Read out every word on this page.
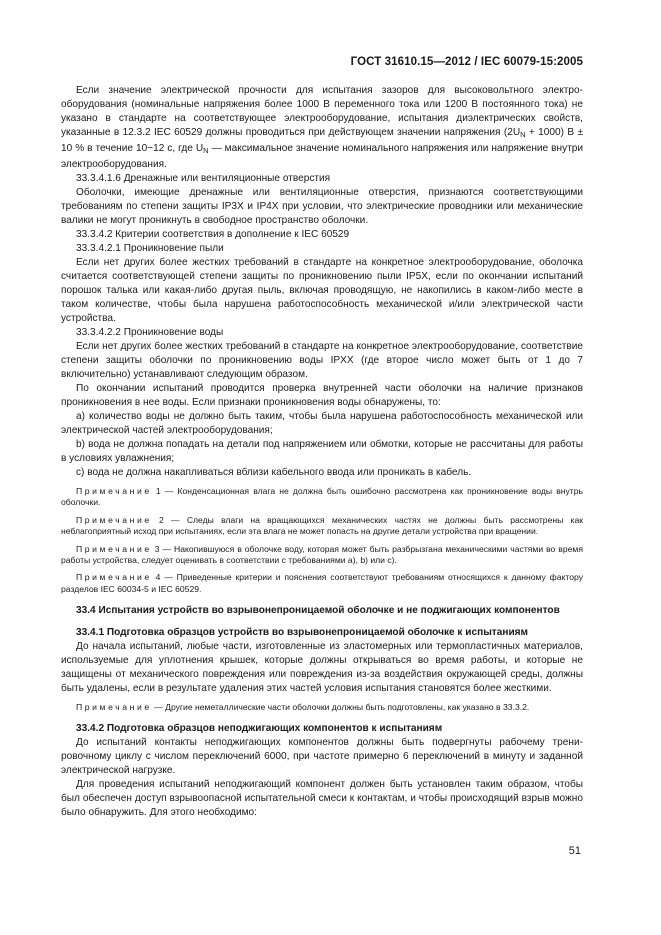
ГОСТ 31610.15—2012 / IEC 60079-15:2005

Если значение электрической прочности для испытания зазоров для высоковольтного электрооборудования (номинальные напряжения более 1000 В переменного тока или 1200 В постоянного тока) не указано в стандарте на соответствующее электрооборудование, испытания диэлектрических свойств, указанные в 12.3.2 IEC 60529 должны проводиться при действующем значении напряжения $(2U_N + 1000) В \pm 10$ % в течение 10−12 с, где $U_N$ — максимальное значение номинального напряжения или напряжение внутри электрооборудования.

33.3.4.1.6 Дренажные или вентиляционные отверстия

Оболочки, имеющие дренажные или вентиляционные отверстия, признаются соответствующими требованиям по степени защиты IP3X и IP4X при условии, что электрические проводники или механические валики не могут проникнуть в свободное пространство оболочки.

33.3.4.2 Критерии соответствия в дополнение к IEC 60529

33.3.4.2.1 Проникновение пыли

Если нет других более жестких требований в стандарте на конкретное электрооборудование, оболочка считается соответствующей степени защиты по проникновению пыли IP5X, если по окончании испытаний порошок талька или какая-либо другая пыль, включая проводящую, не накопились в каком-либо месте в таком количестве, чтобы была нарушена работоспособность механической и/или электрической части устройства.

33.3.4.2.2 Проникновение воды

Если нет других более жестких требований в стандарте на конкретное электрооборудование, соответствие степени защиты оболочки по проникновению воды IPXX (где второе число может быть от 1 до 7 включительно) устанавливают следующим образом.

По окончании испытаний проводится проверка внутренней части оболочки на наличие признаков проникновения в нее воды. Если признаки проникновения воды обнаружены, то:

a) количество воды не должно быть таким, чтобы была нарушена работоспособность механической или электрической частей электрооборудования;

b) вода не должна попадать на детали под напряжением или обмотки, которые не рассчитаны для работы в условиях увлажнения;

c) вода не должна накапливаться вблизи кабельного ввода или проникать в кабель.

Примечание 1 — Конденсационная влага не должна быть ошибочно рассмотрена как проникновение воды внутрь оболочки.

Примечание 2 — Следы влаги на вращающихся механических частях не должны быть рассмотрены как неблагоприятный исход при испытаниях, если эта влага не может попасть на другие детали устройства при вращении.

Примечание 3 — Накопившуюся в оболочке воду, которая может быть разбрызгана механическими частями во время работы устройства, следует оценивать в соответствии с требованиями a), b) или c).

Примечание 4 — Приведенные критерии и пояснения соответствуют требованиям относящихся к данному фактору разделов IEC 60034-5 и IEC 60529.

33.4 Испытания устройств во взрывонепроницаемой оболочке и не поджигающих компонентов

33.4.1 Подготовка образцов устройств во взрывонепроницаемой оболочке к испытаниям

До начала испытаний, любые части, изготовленные из эластомерных или термопластичных материалов, используемые для уплотнения крышек, которые должны открываться во время работы, и которые не защищены от механического повреждения или повреждения из-за воздействия окружающей среды, должны быть удалены, если в результате удаления этих частей условия испытания становятся более жесткими.

Примечание — Другие неметаллические части оболочки должны быть подготовлены, как указано в 33.3.2.

33.4.2 Подготовка образцов неподжигающих компонентов к испытаниям

До испытаний контакты неподжигающих компонентов должны быть подвергнуты рабочему тренировочному циклу с числом переключений 6000, при частоте примерно 6 переключений в минуту и заданной электрической нагрузке.

Для проведения испытаний неподжигающий компонент должен быть установлен таким образом, чтобы был обеспечен доступ взрывоопасной испытательной смеси к контактам, и чтобы происходящий взрыв можно было обнаружить. Для этого необходимо:

51
